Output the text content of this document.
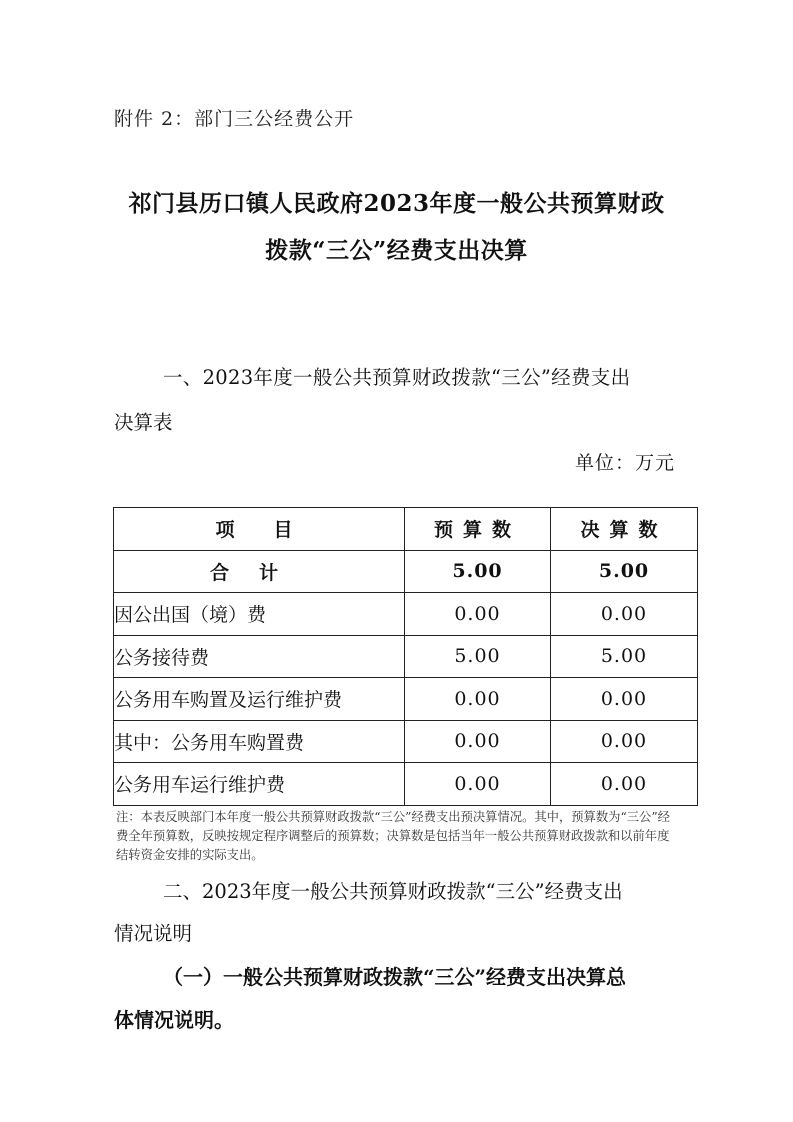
附件 2：部门三公经费公开
祁门县历口镇人民政府2023年度一般公共预算财政
拨款“三公”经费支出决算
一、2023年度一般公共预算财政拨款“三公”经费支出
决算表
单位：万元
项　目	预算数	决算数
合计	5.00	5.00
因公出国（境）费	0.00	0.00
公务接待费	5.00	5.00
公务用车购置及运行维护费	0.00	0.00
其中：公务用车购置费	0.00	0.00
公务用车运行维护费	0.00	0.00
注：本表反映部门本年度一般公共预算财政拨款“三公”经费支出预决算情况。其中，预算数为“三公”经费全年预算数，反映按规定程序调整后的预算数；决算数是包括当年一般公共预算财政拨款和以前年度结转资金安排的实际支出。
二、2023年度一般公共预算财政拨款“三公”经费支出
情况说明
（一）一般公共预算财政拨款“三公”经费支出决算总
体情况说明。
